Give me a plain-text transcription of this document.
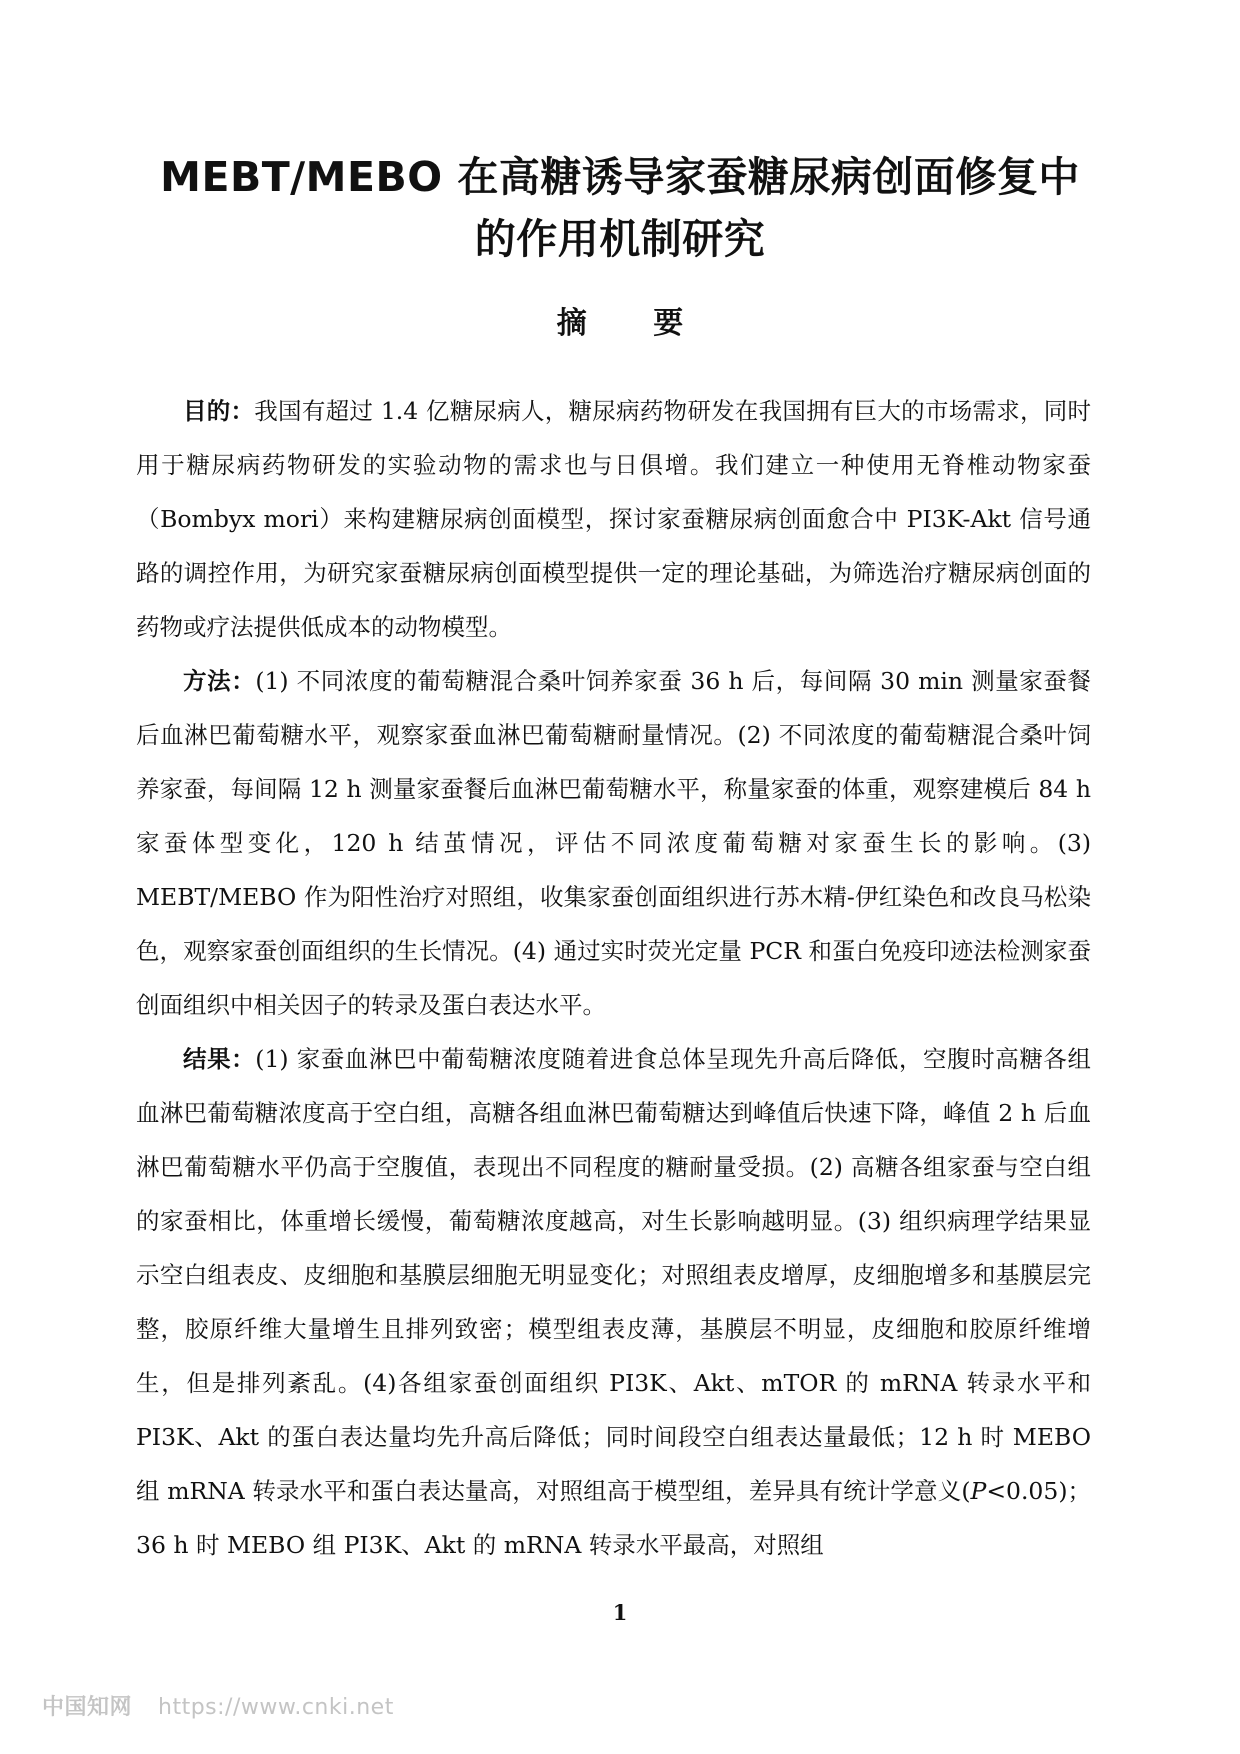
MEBT/MEBO 在高糖诱导家蚕糖尿病创面修复中
的作用机制研究
摘 要

目的：我国有超过 1.4 亿糖尿病人，糖尿病药物研发在我国拥有巨大的市场需求，同时用于糖尿病药物研发的实验动物的需求也与日俱增。我们建立一种使用无脊椎动物家蚕（Bombyx mori）来构建糖尿病创面模型，探讨家蚕糖尿病创面愈合中 PI3K-Akt 信号通路的调控作用，为研究家蚕糖尿病创面模型提供一定的理论基础，为筛选治疗糖尿病创面的药物或疗法提供低成本的动物模型。

方法：(1) 不同浓度的葡萄糖混合桑叶饲养家蚕 36 h 后，每间隔 30 min 测量家蚕餐后血淋巴葡萄糖水平，观察家蚕血淋巴葡萄糖耐量情况。(2) 不同浓度的葡萄糖混合桑叶饲养家蚕，每间隔 12 h 测量家蚕餐后血淋巴葡萄糖水平，称量家蚕的体重，观察建模后 84 h 家蚕体型变化，120 h 结茧情况，评估不同浓度葡萄糖对家蚕生长的影响。(3) MEBT/MEBO 作为阳性治疗对照组，收集家蚕创面组织进行苏木精-伊红染色和改良马松染色，观察家蚕创面组织的生长情况。(4) 通过实时荧光定量 PCR 和蛋白免疫印迹法检测家蚕创面组织中相关因子的转录及蛋白表达水平。

结果：(1) 家蚕血淋巴中葡萄糖浓度随着进食总体呈现先升高后降低，空腹时高糖各组血淋巴葡萄糖浓度高于空白组，高糖各组血淋巴葡萄糖达到峰值后快速下降，峰值 2 h 后血淋巴葡萄糖水平仍高于空腹值，表现出不同程度的糖耐量受损。(2) 高糖各组家蚕与空白组的家蚕相比，体重增长缓慢，葡萄糖浓度越高，对生长影响越明显。(3) 组织病理学结果显示空白组表皮、皮细胞和基膜层细胞无明显变化；对照组表皮增厚，皮细胞增多和基膜层完整，胶原纤维大量增生且排列致密；模型组表皮薄，基膜层不明显，皮细胞和胶原纤维增生，但是排列紊乱。(4)各组家蚕创面组织 PI3K、Akt、mTOR 的 mRNA 转录水平和 PI3K、Akt 的蛋白表达量均先升高后降低；同时间段空白组表达量最低；12 h 时 MEBO 组 mRNA 转录水平和蛋白表达量高，对照组高于模型组，差异具有统计学意义(P<0.05)；36 h 时 MEBO 组 PI3K、Akt 的 mRNA 转录水平最高，对照组

1
中国知网 https://www.cnki.net
